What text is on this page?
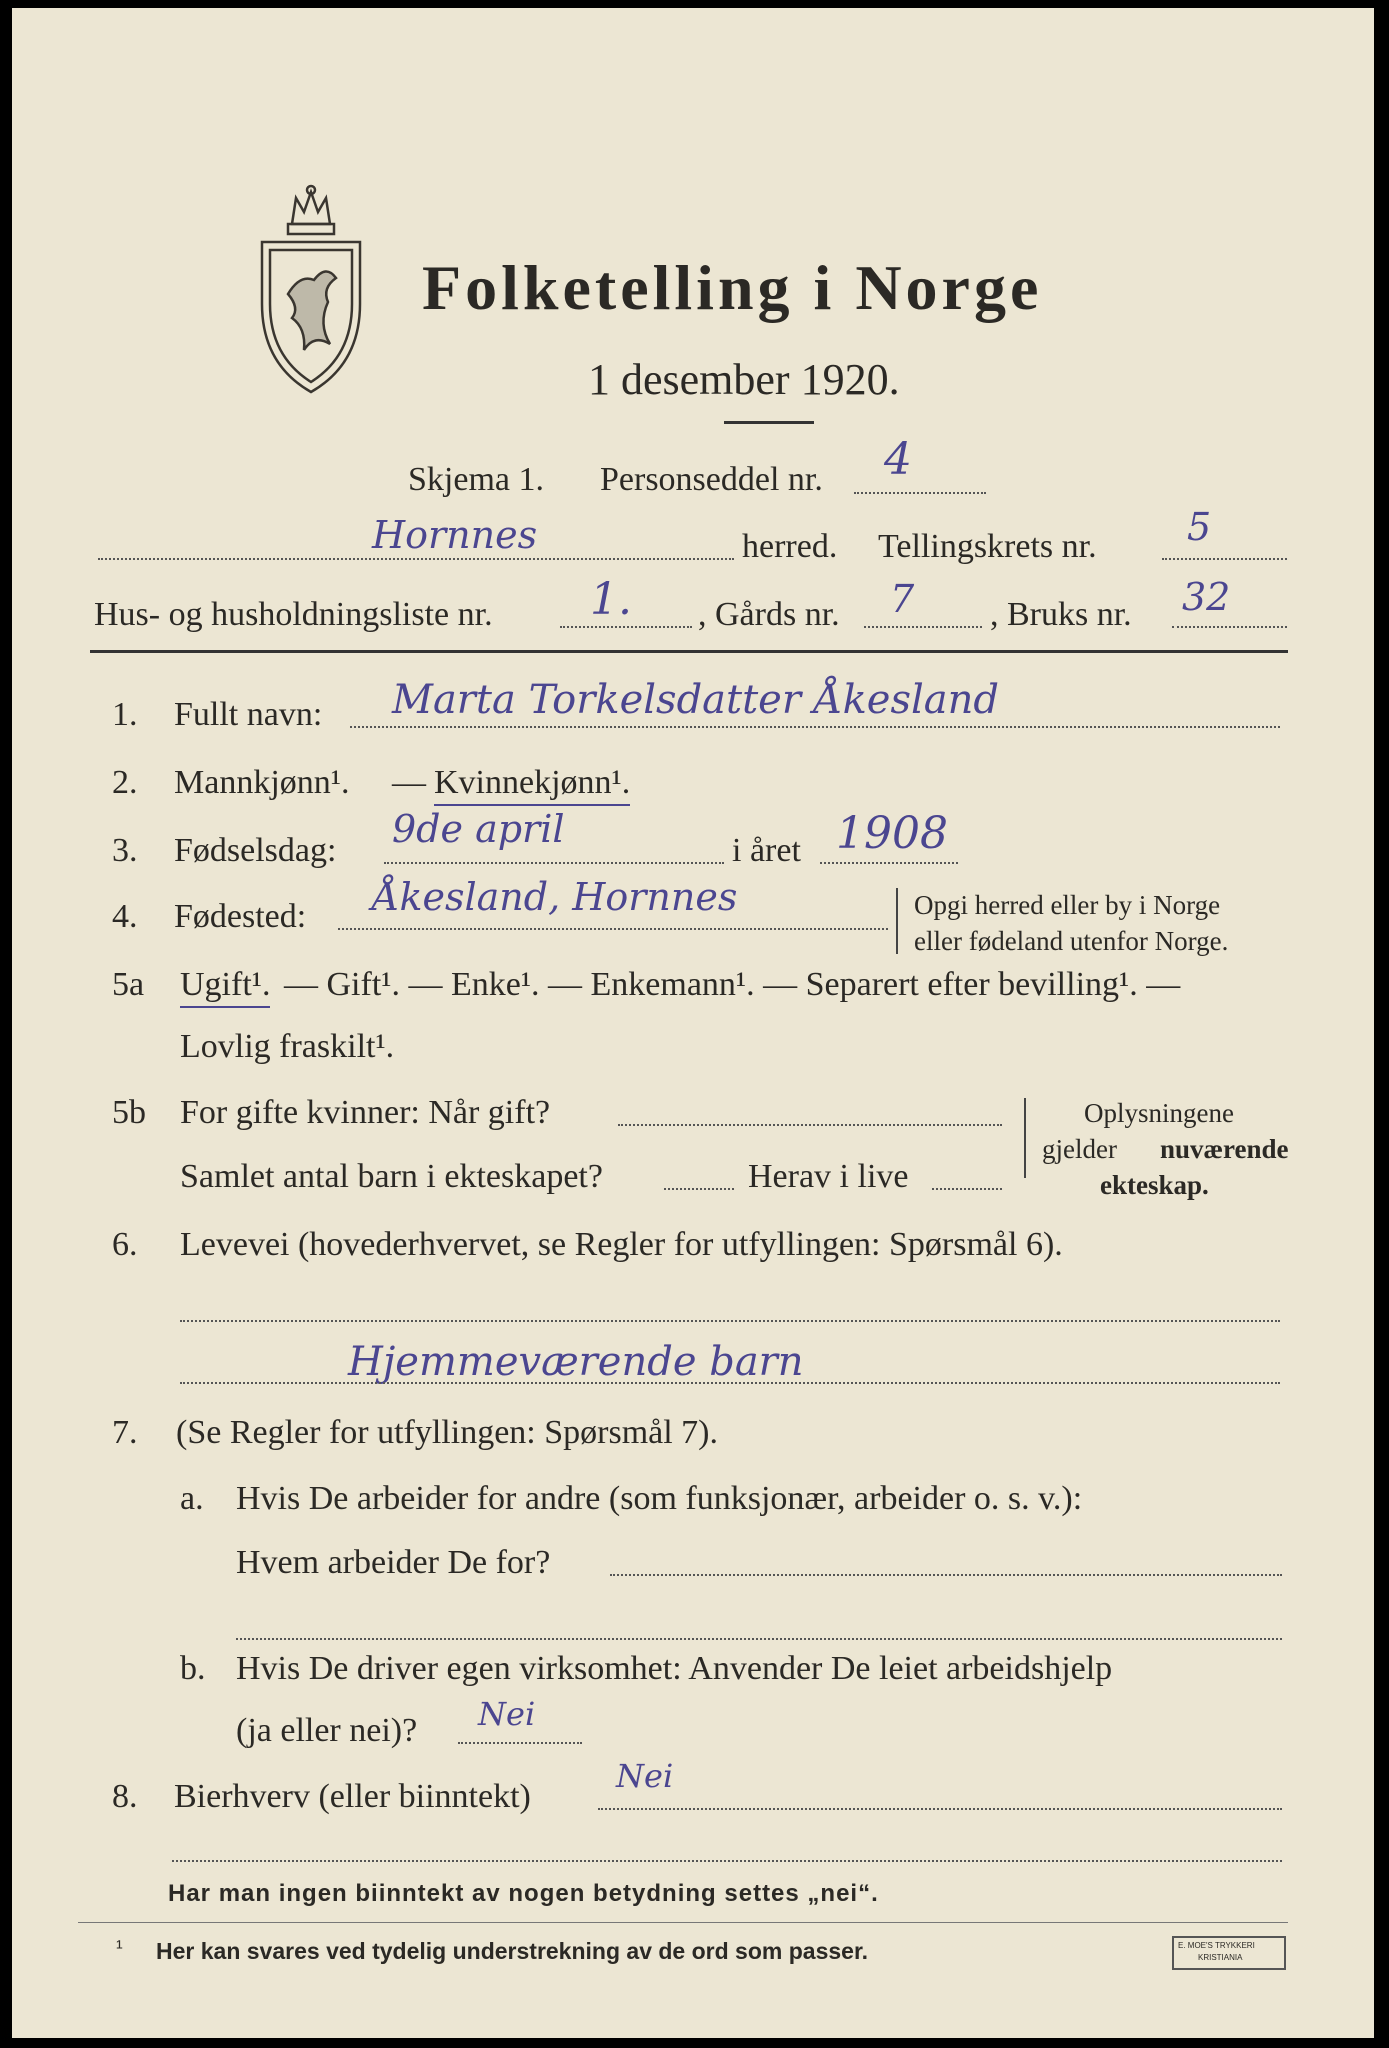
Folketelling i Norge
1 desember 1920.
Skjema 1. Personseddel nr. 4
Hornnes	herred. Tellingskrets nr. 5
Hus- og husholdningsliste nr. 1. , Gårds nr. 7 , Bruks nr. 32
1. Fullt navn: Marta Torkelsdatter Åkesland
2. Mannkjønn¹. — Kvinnekjønn¹.
3. Fødselsdag: 9de april	i året 1908
4. Fødested: Åkesland, Hornnes	Opgi herred eller by i Norge
eller fødeland utenfor Norge.
5a Ugift¹. — Gift¹. — Enke¹. — Enkemann¹. — Separert efter bevilling¹. —
Lovlig fraskilt¹.
5b For gifte kvinner: Når gift?
Samlet antal barn i ekteskapet?	Herav i live
Oplysningene
gjelder nuværende
ekteskap.
6. Levevei (hovederhvervet, se Regler for utfyllingen: Spørsmål 6).
Hjemmeværende barn
7. (Se Regler for utfyllingen: Spørsmål 7).
a. Hvis De arbeider for andre (som funksjonær, arbeider o. s. v.):
Hvem arbeider De for?
b. Hvis De driver egen virksomhet: Anvender De leiet arbeidshjelp
(ja eller nei)? Nei
8. Bierhverv (eller biinntekt)
Nei
Har man ingen biinntekt av nogen betydning settes „nei“.
¹ Her kan svares ved tydelig understrekning av de ord som passer.	E. MOE'S TRYKKERI
KRISTIANIA
